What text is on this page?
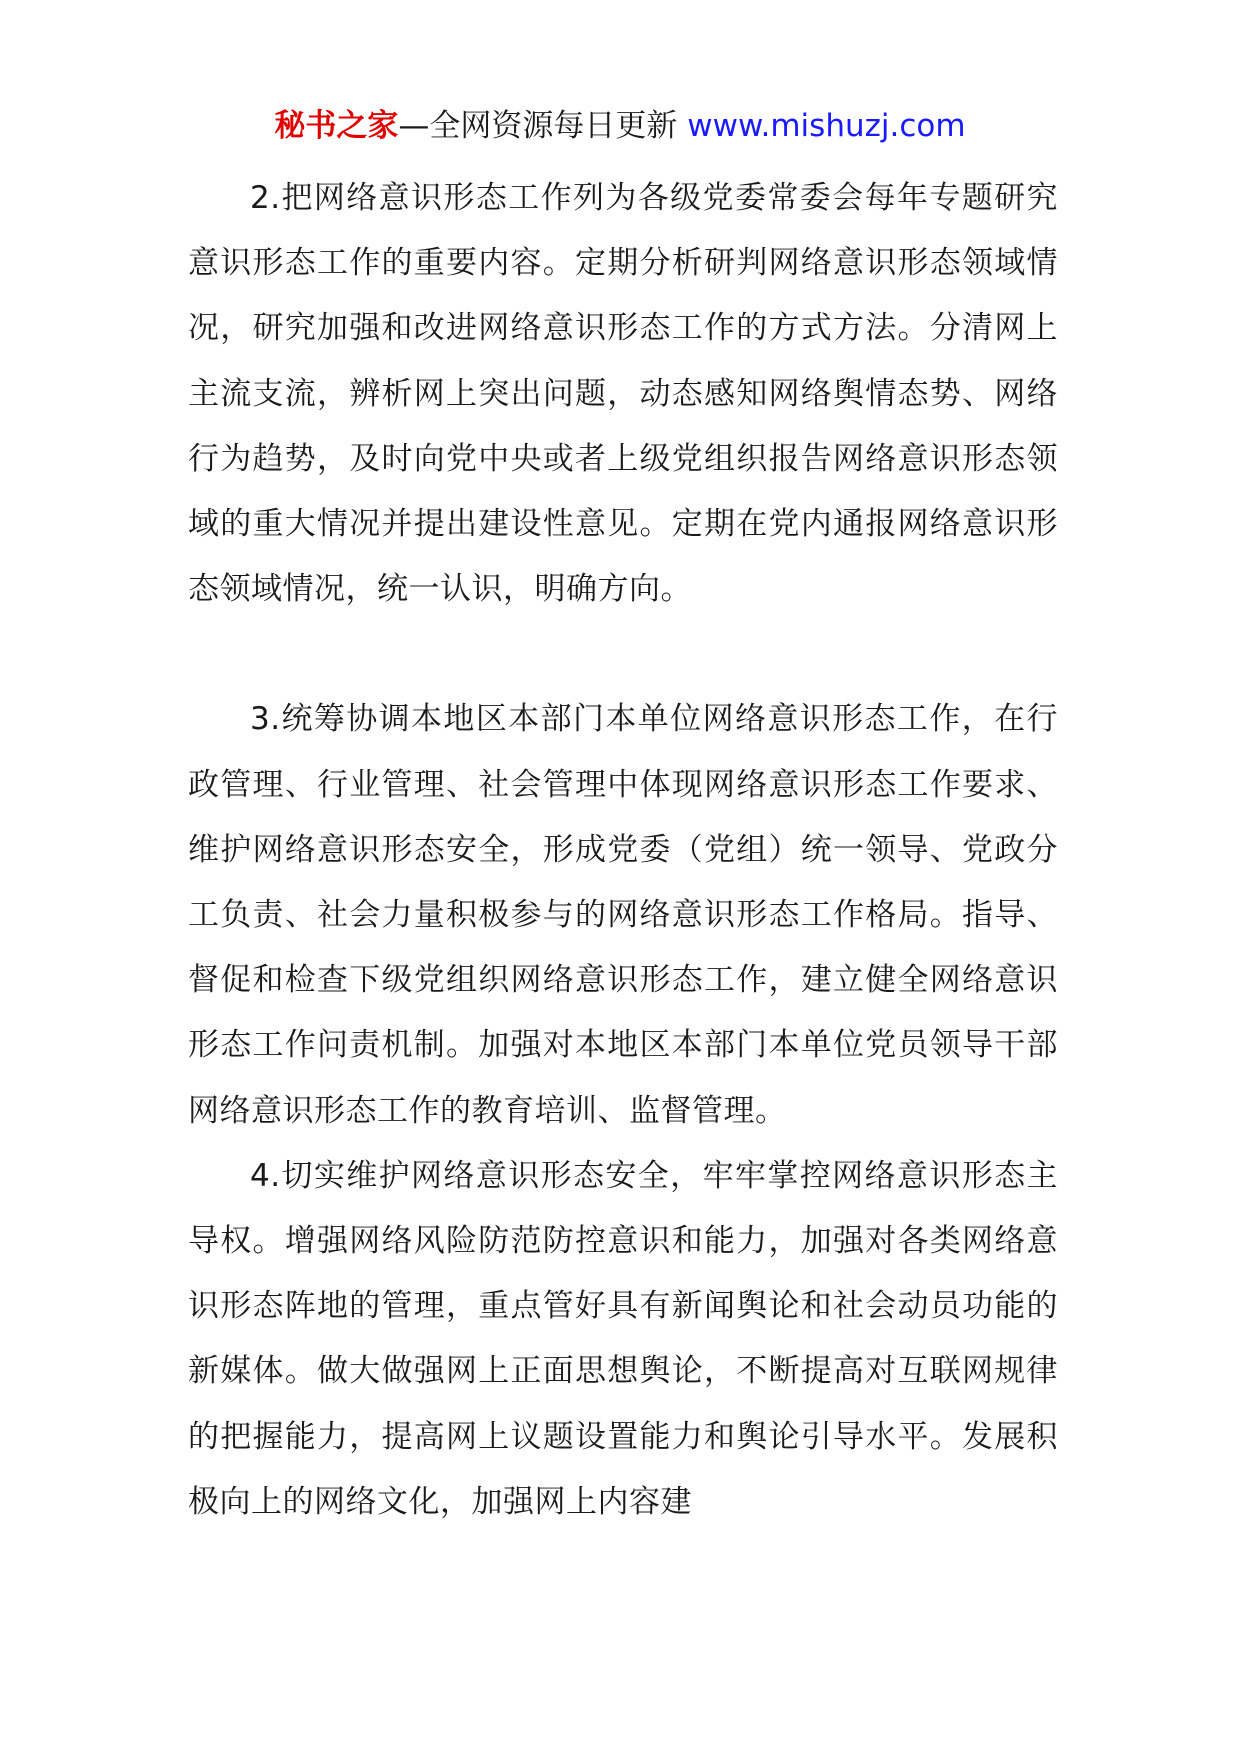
秘书之家—全网资源每日更新 www.mishuzj.com

2.把网络意识形态工作列为各级党委常委会每年专题研究意识形态工作的重要内容。定期分析研判网络意识形态领域情况，研究加强和改进网络意识形态工作的方式方法。分清网上主流支流，辨析网上突出问题，动态感知网络舆情态势、网络行为趋势，及时向党中央或者上级党组织报告网络意识形态领域的重大情况并提出建设性意见。定期在党内通报网络意识形态领域情况，统一认识，明确方向。

3.统筹协调本地区本部门本单位网络意识形态工作，在行政管理、行业管理、社会管理中体现网络意识形态工作要求、维护网络意识形态安全，形成党委（党组）统一领导、党政分工负责、社会力量积极参与的网络意识形态工作格局。指导、督促和检查下级党组织网络意识形态工作，建立健全网络意识形态工作问责机制。加强对本地区本部门本单位党员领导干部网络意识形态工作的教育培训、监督管理。

4.切实维护网络意识形态安全，牢牢掌控网络意识形态主导权。增强网络风险防范防控意识和能力，加强对各类网络意识形态阵地的管理，重点管好具有新闻舆论和社会动员功能的新媒体。做大做强网上正面思想舆论，不断提高对互联网规律的把握能力，提高网上议题设置能力和舆论引导水平。发展积极向上的网络文化，加强网上内容建
